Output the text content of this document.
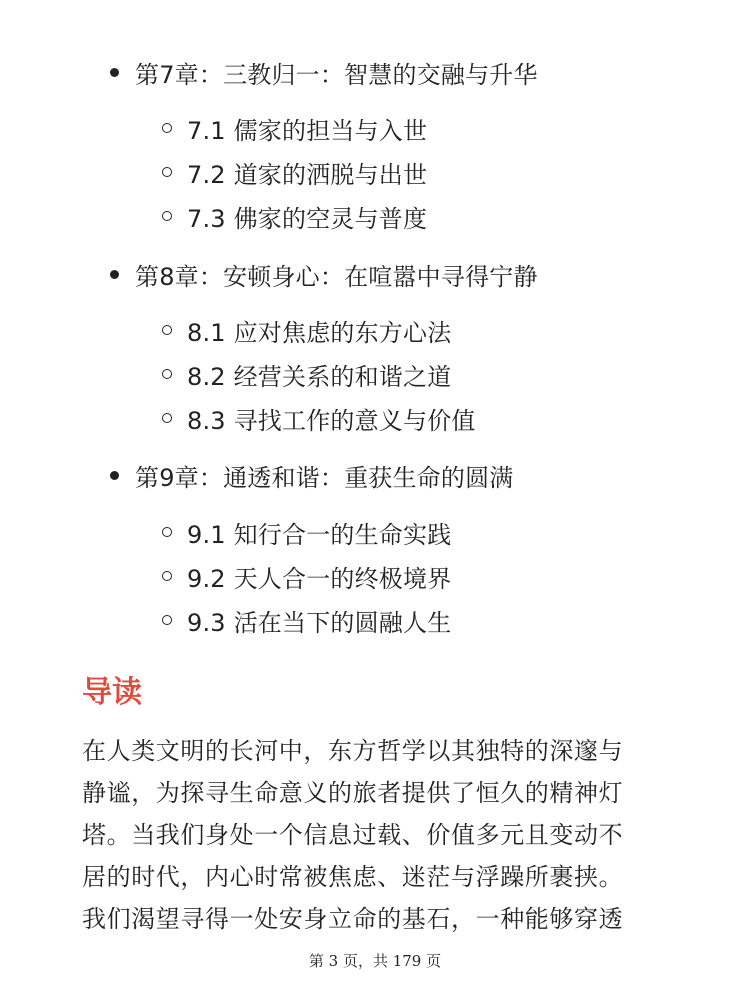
第7章：三教归一：智慧的交融与升华
7.1 儒家的担当与入世
7.2 道家的洒脱与出世
7.3 佛家的空灵与普度
第8章：安顿身心：在喧嚣中寻得宁静
8.1 应对焦虑的东方心法
8.2 经营关系的和谐之道
8.3 寻找工作的意义与价值
第9章：通透和谐：重获生命的圆满
9.1 知行合一的生命实践
9.2 天人合一的终极境界
9.3 活在当下的圆融人生
导读
在人类文明的长河中，东方哲学以其独特的深邃与
静谧，为探寻生命意义的旅者提供了恒久的精神灯
塔。当我们身处一个信息过载、价值多元且变动不
居的时代，内心时常被焦虑、迷茫与浮躁所裹挟。
我们渴望寻得一处安身立命的基石，一种能够穿透
第 3 页，共 179 页
